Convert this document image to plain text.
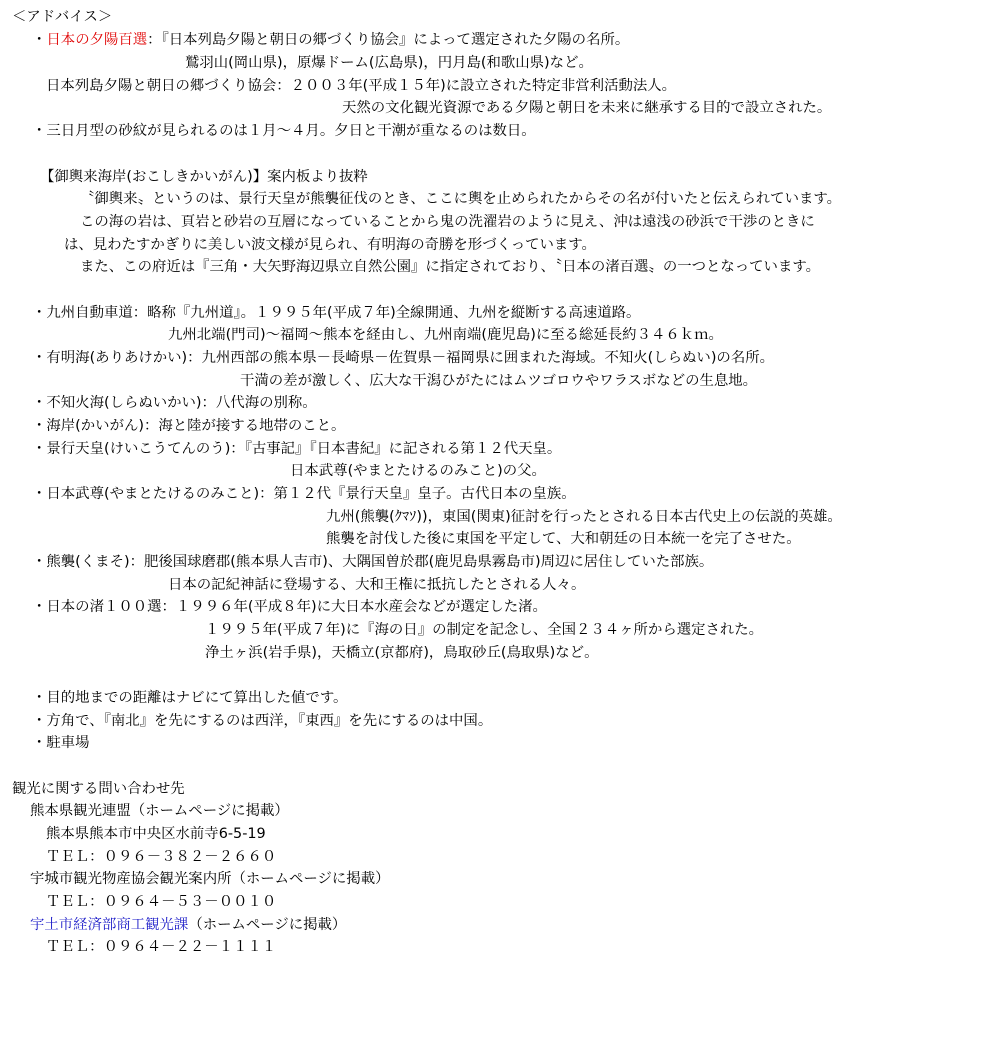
＜アドバイス＞
・日本の夕陽百選：『日本列島夕陽と朝日の郷づくり協会』によって選定された夕陽の名所。
鷲羽山(岡山県)，原爆ドーム(広島県)，円月島(和歌山県)など。
日本列島夕陽と朝日の郷づくり協会：２００３年(平成１５年)に設立された特定非営利活動法人。
天然の文化観光資源である夕陽と朝日を未来に継承する目的で設立された。
・三日月型の砂紋が見られるのは１月～４月。夕日と干潮が重なるのは数日。
【御輿来海岸(おこしきかいがん)】案内板より抜粋
〝御輿来〟というのは、景行天皇が熊襲征伐のとき、ここに輿を止められたからその名が付いたと伝えられています。
この海の岩は、頁岩と砂岩の互層になっていることから鬼の洗濯岩のように見え、沖は遠浅の砂浜で干渉のときに
は、見わたすかぎりに美しい波文様が見られ、有明海の奇勝を形づくっています。
また、この府近は『三角・大矢野海辺県立自然公園』に指定されており、〝日本の渚百選〟の一つとなっています。
・九州自動車道：略称『九州道』。１９９５年(平成７年)全線開通、九州を縦断する高速道路。
九州北端(門司)～福岡～熊本を経由し、九州南端(鹿児島)に至る総延長約３４６ｋｍ。
・有明海(ありあけかい)：九州西部の熊本県－長崎県－佐賀県－福岡県に囲まれた海域。不知火(しらぬい)の名所。
干満の差が激しく、広大な干潟ひがたにはムツゴロウやワラスボなどの生息地。
・不知火海(しらぬいかい)：八代海の別称。
・海岸(かいがん)：海と陸が接する地帯のこと。
・景行天皇(けいこうてんのう)：『古事記』『日本書紀』に記される第１２代天皇。
日本武尊(やまとたけるのみこと)の父。
・日本武尊(やまとたけるのみこと)：第１２代『景行天皇』皇子。古代日本の皇族。
九州(熊襲(ｸﾏｿ))，東国(関東)征討を行ったとされる日本古代史上の伝説的英雄。
熊襲を討伐した後に東国を平定して、大和朝廷の日本統一を完了させた。
・熊襲(くまそ)：肥後国球磨郡(熊本県人吉市)、大隅国曽於郡(鹿児島県霧島市)周辺に居住していた部族。
日本の記紀神話に登場する、大和王権に抵抗したとされる人々。
・日本の渚１００選：１９９６年(平成８年)に大日本水産会などが選定した渚。
１９９５年(平成７年)に『海の日』の制定を記念し、全国２３４ヶ所から選定された。
浄土ヶ浜(岩手県)，天橋立(京都府)，鳥取砂丘(鳥取県)など。
・目的地までの距離はナビにて算出した値です。
・方角で、『南北』を先にするのは西洋，『東西』を先にするのは中国。
・駐車場
観光に関する問い合わせ先
熊本県観光連盟（ホームページに掲載）
熊本県熊本市中央区水前寺6-5-19
ＴＥＬ：０９６－３８２－２６６０
宇城市観光物産協会観光案内所（ホームページに掲載）
ＴＥＬ：０９６４－５３－００１０
宇土市経済部商工観光課（ホームページに掲載）
ＴＥＬ：０９６４－２２－１１１１
